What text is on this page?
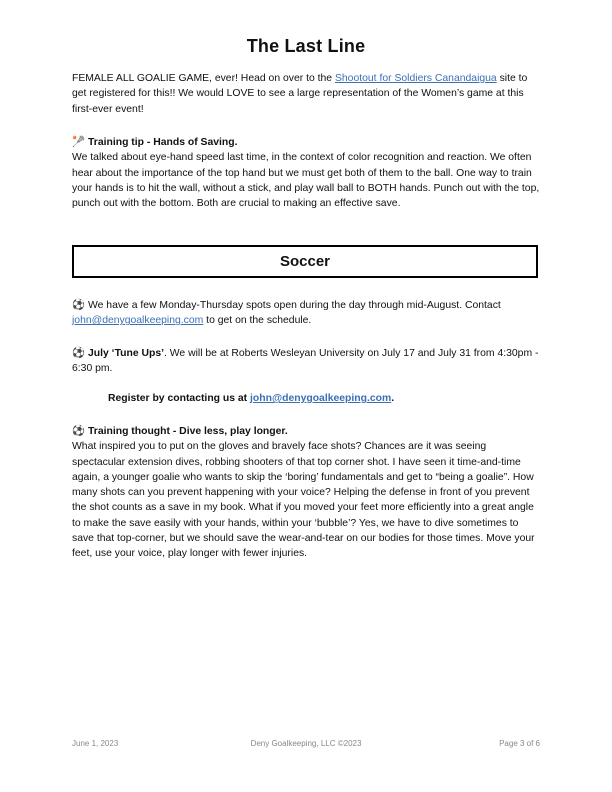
The Last Line
FEMALE ALL GOALIE GAME, ever! Head on over to the Shootout for Soldiers Canandaigua site to get registered for this!! We would LOVE to see a large representation of the Women’s game at this first-ever event!
🥍 Training tip - Hands of Saving.
We talked about eye-hand speed last time, in the context of color recognition and reaction. We often hear about the importance of the top hand but we must get both of them to the ball. One way to train your hands is to hit the wall, without a stick, and play wall ball to BOTH hands. Punch out with the top, punch out with the bottom. Both are crucial to making an effective save.
Soccer
⚽ We have a few Monday-Thursday spots open during the day through mid-August. Contact john@denygoalkeeping.com to get on the schedule.
⚽ July ‘Tune Ups’. We will be at Roberts Wesleyan University on July 17 and July 31 from 4:30pm - 6:30 pm.
Register by contacting us at john@denygoalkeeping.com.
⚽ Training thought - Dive less, play longer.
What inspired you to put on the gloves and bravely face shots? Chances are it was seeing spectacular extension dives, robbing shooters of that top corner shot. I have seen it time-and-time again, a younger goalie who wants to skip the ‘boring’ fundamentals and get to “being a goalie”. How many shots can you prevent happening with your voice? Helping the defense in front of you prevent the shot counts as a save in my book. What if you moved your feet more efficiently into a great angle to make the save easily with your hands, within your ‘bubble’? Yes, we have to dive sometimes to save that top-corner, but we should save the wear-and-tear on our bodies for those times. Move your feet, use your voice, play longer with fewer injuries.
June 1, 2023	Deny Goalkeeping, LLC ©2023	Page 3 of 6
